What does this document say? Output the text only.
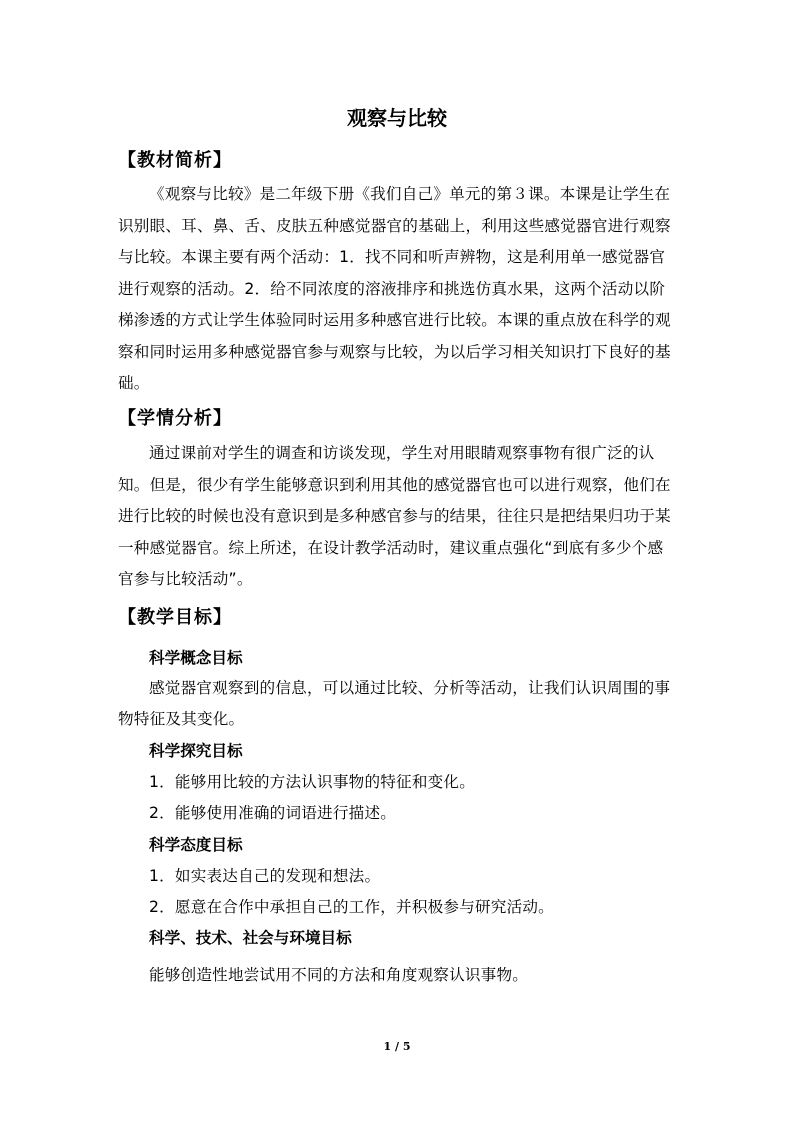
观察与比较
【教材简析】

《观察与比较》是二年级下册《我们自己》单元的第３课。本课是让学生在识别眼、耳、鼻、舌、皮肤五种感觉器官的基础上，利用这些感觉器官进行观察与比较。本课主要有两个活动：1．找不同和听声辨物，这是利用单一感觉器官进行观察的活动。2．给不同浓度的溶液排序和挑选仿真水果，这两个活动以阶梯渗透的方式让学生体验同时运用多种感官进行比较。本课的重点放在科学的观察和同时运用多种感觉器官参与观察与比较，为以后学习相关知识打下良好的基础。

【学情分析】

通过课前对学生的调查和访谈发现，学生对用眼睛观察事物有很广泛的认知。但是，很少有学生能够意识到利用其他的感觉器官也可以进行观察，他们在进行比较的时候也没有意识到是多种感官参与的结果，往往只是把结果归功于某一种感觉器官。综上所述，在设计教学活动时，建议重点强化“到底有多少个感官参与比较活动”。

【教学目标】
科学概念目标

感觉器官观察到的信息，可以通过比较、分析等活动，让我们认识周围的事物特征及其变化。

科学探究目标
1．能够用比较的方法认识事物的特征和变化。
2．能够使用准确的词语进行描述。
科学态度目标
1．如实表达自己的发现和想法。
2．愿意在合作中承担自己的工作，并积极参与研究活动。
科学、技术、社会与环境目标
能够创造性地尝试用不同的方法和角度观察认识事物。
1 / 5
